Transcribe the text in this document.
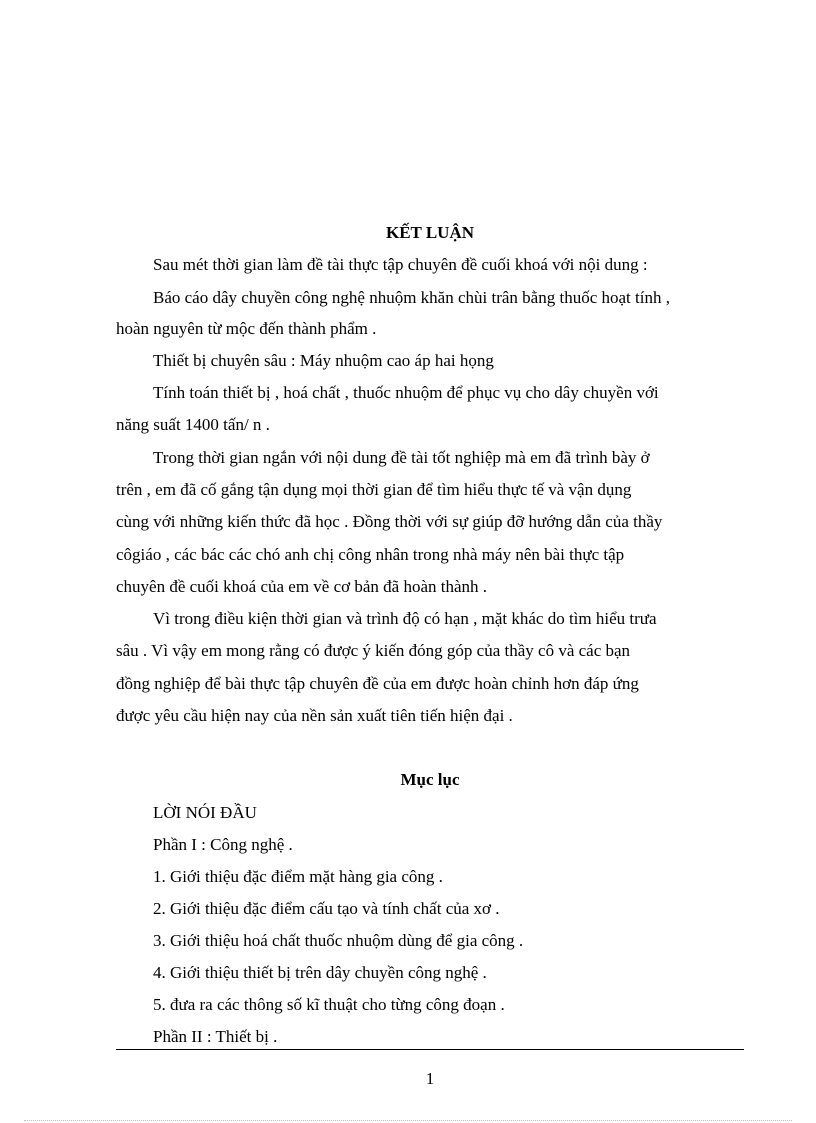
KẾT LUẬN
Sau mét thời gian làm đề tài thực tập chuyên đề cuối khoá với nội dung :
Báo cáo dây chuyền công nghệ nhuộm khăn chùi trân bằng thuốc hoạt tính ,
hoàn nguyên từ mộc đến thành phẩm .
Thiết bị chuyên sâu : Máy nhuộm cao áp hai họng
Tính toán thiết bị , hoá chất , thuốc nhuộm để phục vụ cho dây chuyền với
năng suất 1400 tấn/ n .
Trong thời gian ngắn với nội dung đề tài tốt nghiệp mà em đã trình bày ở
trên , em đã cố gắng tận dụng mọi thời gian để tìm hiểu thực tế và vận dụng
cùng với những kiến thức đã học . Đồng thời với sự giúp đỡ hướng dẫn của thầy
côgiáo , các bác các chó anh chị công nhân trong nhà máy nên bài thực tập
chuyên đề cuối khoá của em về cơ bản đã hoàn thành .
Vì trong điều kiện thời gian và trình độ có hạn , mặt khác do tìm hiểu trưa
sâu . Vì vậy em mong rằng có được ý kiến đóng góp của thầy cô và các bạn
đồng nghiệp để bài thực tập chuyên đề của em được hoàn chỉnh hơn đáp ứng
được yêu cầu hiện nay của nền sản xuất tiên tiến hiện đại .
Mục lục
LỜI NÓI ĐẦU
Phần I : Công nghệ .
1. Giới thiệu đặc điểm mặt hàng gia công .
2. Giới thiệu đặc điểm cấu tạo và tính chất của xơ .
3. Giới thiệu hoá chất thuốc nhuộm dùng để gia công .
4. Giới thiệu thiết bị trên dây chuyền công nghệ .
5. đưa ra các thông số kĩ thuật cho từng công đoạn .
Phần II : Thiết bị .
1
